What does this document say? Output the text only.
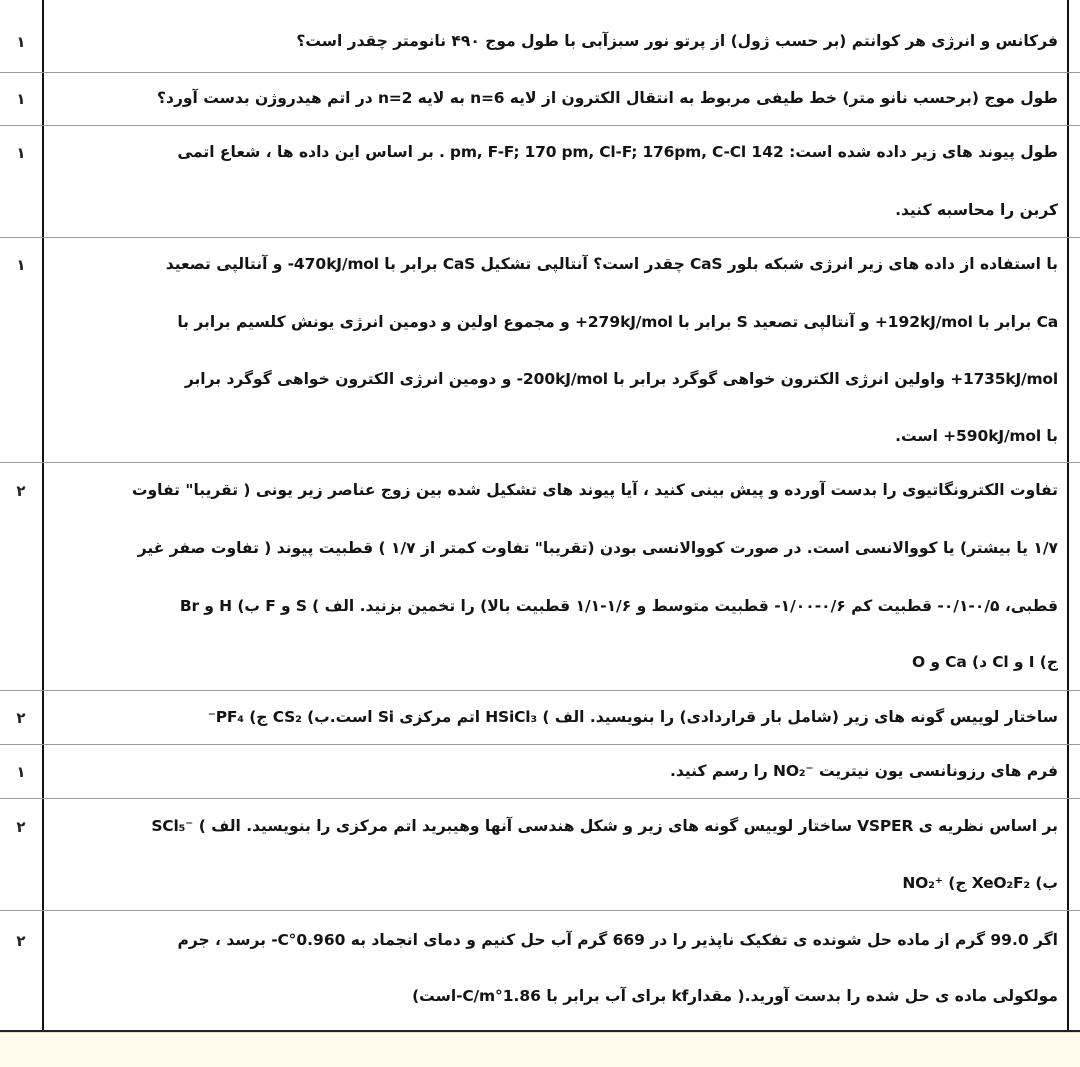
۱	فرکانس و انرژی هر کوانتم (بر حسب ژول) از پرتو نور سبزآبی با طول موج ۴۹۰ نانومتر چقدر است؟
۱	طول موج (برحسب نانو متر) خط طیفی مربوط به انتقال الکترون از لایه n=6 به لایه n=2 در اتم هیدروژن بدست آورد؟
۱	طول پیوند های زیر داده شده است: 142 pm, F-F; 170 pm, Cl-F; 176pm, C-Cl . بر اساس این داده ها ، شعاع اتمی
کربن را محاسبه کنید.
۱	با استفاده از داده های زیر انرژی شبکه بلور CaS چقدر است؟ آنتالپی تشکیل CaS برابر با 470kJ/mol- و آنتالپی تصعید
Ca برابر با 192kJ/mol+ و آنتالپی تصعید S برابر با 279kJ/mol+ و مجموع اولین و دومین انرژی یونش کلسیم برابر با
1735kJ/mol+ واولین انرژی الکترون خواهی گوگرد برابر با 200kJ/mol- و دومین انرژی الکترون خواهی گوگرد برابر
با 590kJ/mol+ است.
۲	تفاوت الکترونگاتیوی را بدست آورده و پیش بینی کنید ، آیا پیوند های تشکیل شده بین زوج عناصر زیر یونی ( تقریبا" تفاوت
۱/۷ یا بیشتر) یا کووالانسی است. در صورت کووالانسی بودن (تقریبا" تفاوت کمتر از ۱/۷ ) قطبیت پیوند ( تفاوت صفر غیر
قطبی، ۰/۵-۰/۱- قطبیت کم ۰/۶-۱/۰۰- قطبیت متوسط و ۱/۶-۱/۱ قطبیت بالا) را تخمین بزنید. الف ) S و F ب) H و Br
ج) I و Cl د) Ca و O
۲	ساختار لوییس گونه های زیر (شامل بار قراردادی) را بنویسید. الف ) HSiCl₃ اتم مرکزی Si است.ب) CS₂ ج) PF₄⁻
۱	فرم های رزونانسی یون نیتریت ⁻NO₂ را رسم کنید.
۲	بر اساس نظریه ی VSPER ساختار لوییس گونه های زیر و شکل هندسی آنها وهیبرید اتم مرکزی را بنویسید. الف ) ⁻SCl₅
ب) XeO₂F₂ ج) ⁺NO₂
۲	اگر 99.0 گرم از ماده حل شونده ی تفکیک ناپذیر را در 669 گرم آب حل کنیم و دمای انجماد به 0.960°C- برسد ، جرم
مولکولی ماده ی حل شده را بدست آورید.( مقدارkf برای آب برابر با 1.86°C/m-است)
